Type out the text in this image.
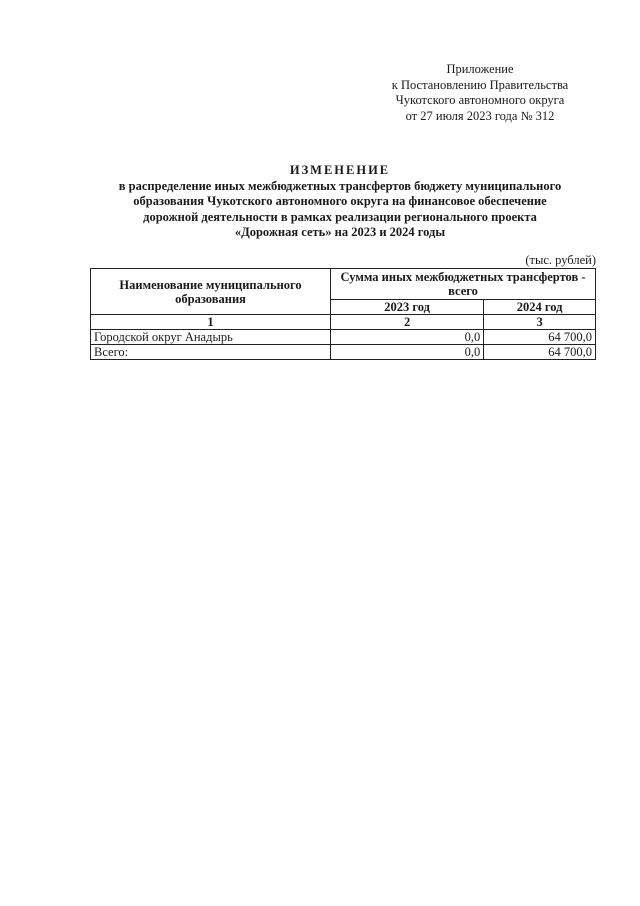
Приложение
к Постановлению Правительства
Чукотского автономного округа
от 27 июля 2023 года № 312
ИЗМЕНЕНИЕ
в распределение иных межбюджетных трансфертов бюджету муниципального
образования Чукотского автономного округа на финансовое обеспечение
дорожной деятельности в рамках реализации регионального проекта
«Дорожная сеть» на 2023 и 2024 годы
(тыс. рублей)
Наименование муниципального образования	Сумма иных межбюджетных трансфертов - всего	
	2023 год	2024 год
1	2	3
Городской округ Анадырь	0,0	64 700,0
Всего:	0,0	64 700,0
